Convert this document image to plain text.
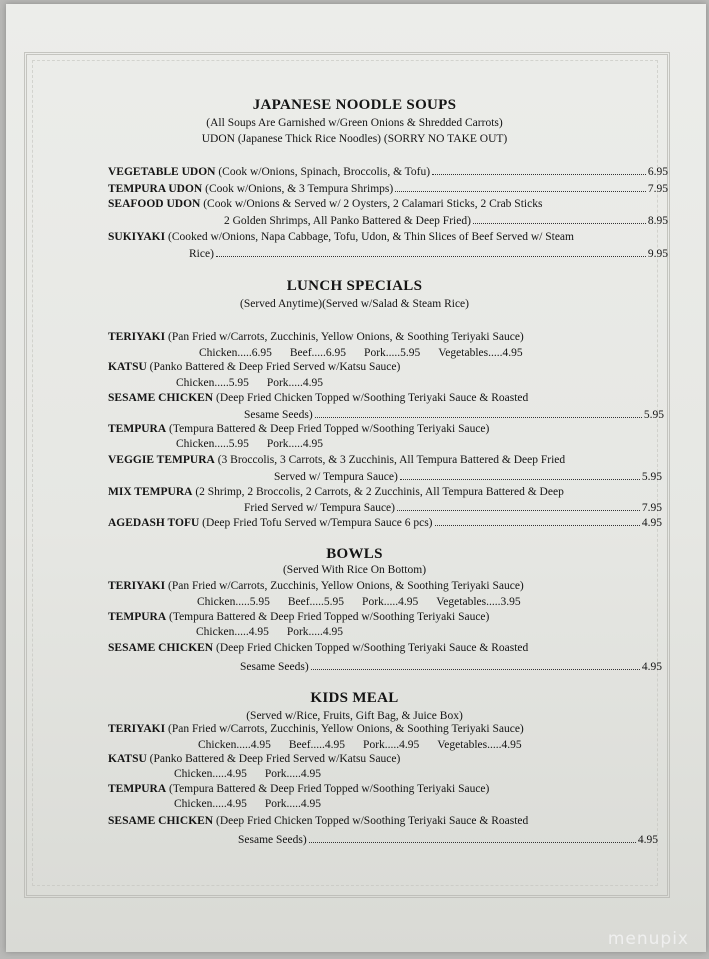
JAPANESE NOODLE SOUPS
(All Soups Are Garnished w/Green Onions & Shredded Carrots)
UDON (Japanese Thick Rice Noodles) (SORRY NO TAKE OUT)
VEGETABLE UDON
(Cook w/Onions, Spinach, Broccolis, & Tofu)	6.95
TEMPURA UDON
(Cook w/Onions, & 3 Tempura Shrimps)	7.95
SEAFOOD UDON (Cook w/Onions & Served w/ 2 Oysters, 2 Calamari Sticks, 2 Crab Sticks
2 Golden Shrimps, All Panko Battered & Deep Fried)	8.95
SUKIYAKI (Cooked w/Onions, Napa Cabbage, Tofu, Udon, & Thin Slices of Beef Served w/ Steam
Rice)	9.95
LUNCH SPECIALS
(Served Anytime)(Served w/Salad & Steam Rice)
TERIYAKI (Pan Fried w/Carrots, Zucchinis, Yellow Onions, & Soothing Teriyaki Sauce)
Chicken.....6.95 Beef.....6.95 Pork.....5.95 Vegetables.....4.95
KATSU (Panko Battered & Deep Fried Served w/Katsu Sauce)
Chicken.....5.95 Pork.....4.95
SESAME CHICKEN (Deep Fried Chicken Topped w/Soothing Teriyaki Sauce & Roasted
Sesame Seeds)	5.95
TEMPURA (Tempura Battered & Deep Fried Topped w/Soothing Teriyaki Sauce)
Chicken.....5.95 Pork.....4.95
VEGGIE TEMPURA (3 Broccolis, 3 Carrots, & 3 Zucchinis, All Tempura Battered & Deep Fried
Served w/ Tempura Sauce)	5.95
MIX TEMPURA (2 Shrimp, 2 Broccolis, 2 Carrots, & 2 Zucchinis, All Tempura Battered & Deep
Fried Served w/ Tempura Sauce)	7.95
AGEDASH TOFU
(Deep Fried Tofu Served w/Tempura Sauce 6 pcs)	4.95
BOWLS
(Served With Rice On Bottom)
TERIYAKI (Pan Fried w/Carrots, Zucchinis, Yellow Onions, & Soothing Teriyaki Sauce)
Chicken.....5.95 Beef.....5.95 Pork.....4.95 Vegetables.....3.95
TEMPURA (Tempura Battered & Deep Fried Topped w/Soothing Teriyaki Sauce)
Chicken.....4.95 Pork.....4.95
SESAME CHICKEN (Deep Fried Chicken Topped w/Soothing Teriyaki Sauce & Roasted
Sesame Seeds)	4.95
KIDS MEAL
(Served w/Rice, Fruits, Gift Bag, & Juice Box)
TERIYAKI (Pan Fried w/Carrots, Zucchinis, Yellow Onions, & Soothing Teriyaki Sauce)
Chicken.....4.95 Beef.....4.95 Pork.....4.95 Vegetables.....4.95
KATSU (Panko Battered & Deep Fried Served w/Katsu Sauce)
Chicken.....4.95 Pork.....4.95
TEMPURA (Tempura Battered & Deep Fried Topped w/Soothing Teriyaki Sauce)
Chicken.....4.95 Pork.....4.95
SESAME CHICKEN (Deep Fried Chicken Topped w/Soothing Teriyaki Sauce & Roasted
Sesame Seeds)	4.95
menupix
